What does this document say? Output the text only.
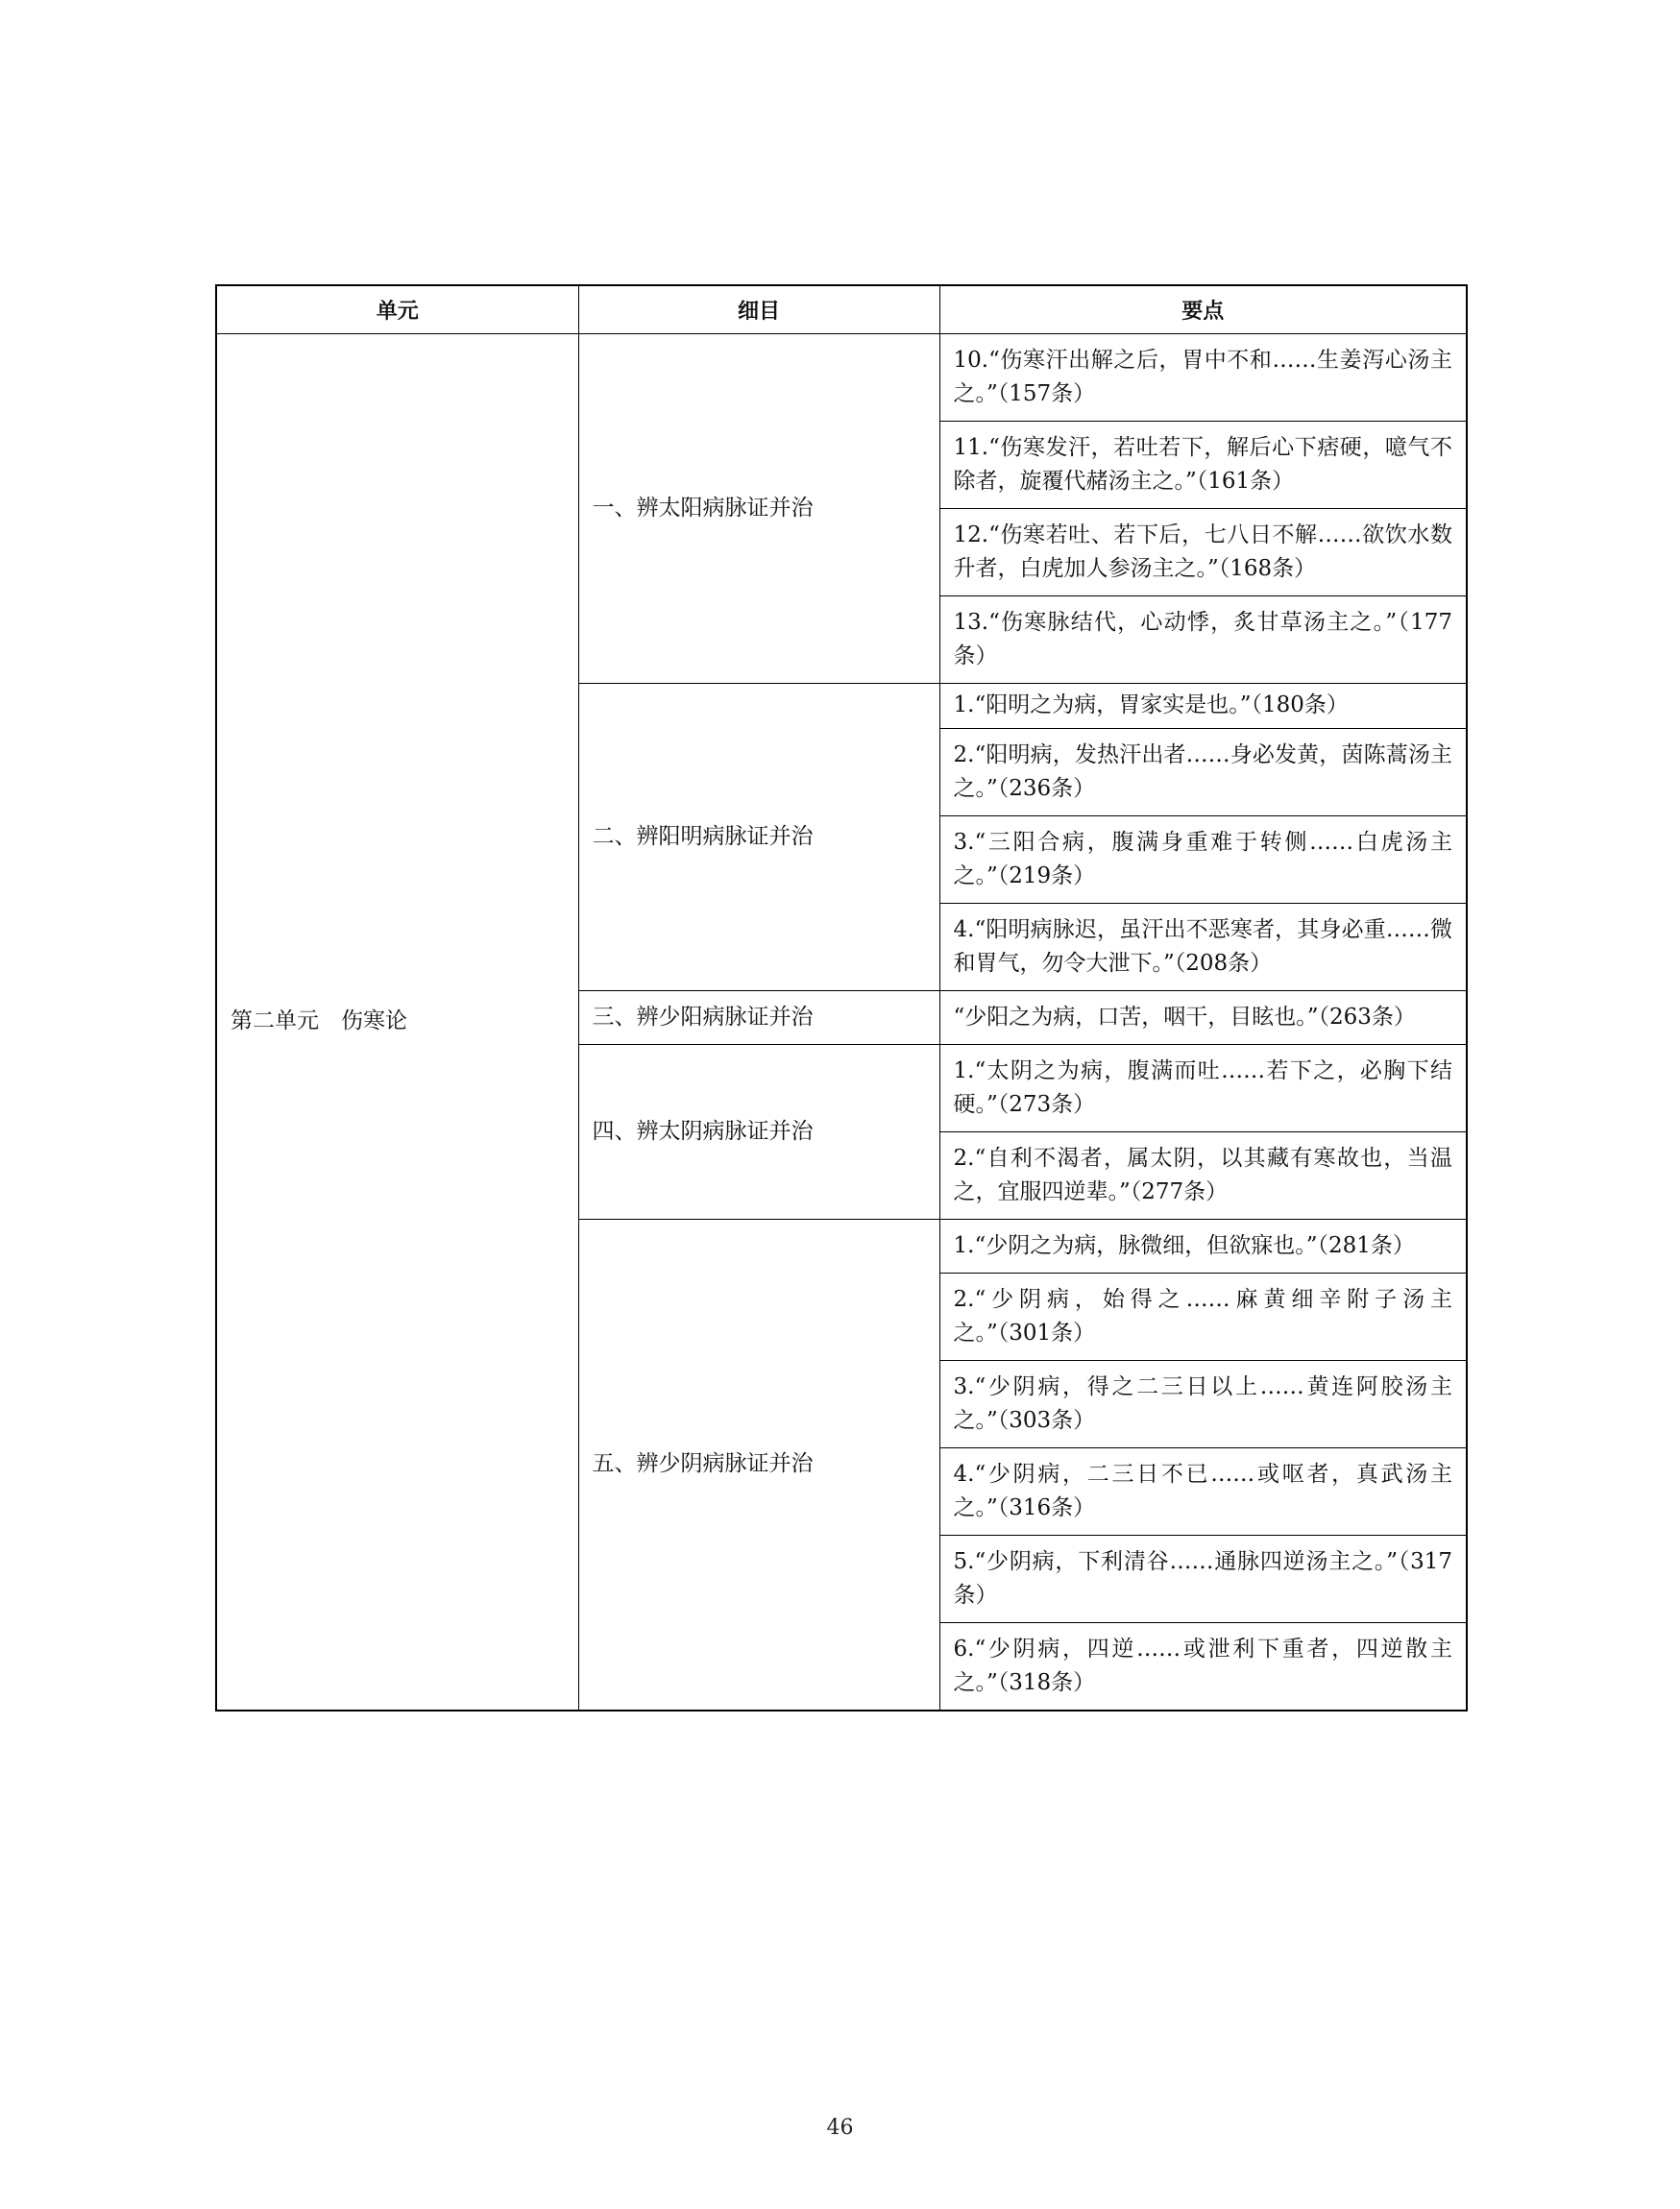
单元	细目	要点
第二单元　伤寒论	一、辨太阳病脉证并治	10.“伤寒汗出解之后，胃中不和……生姜泻心汤主之。”（157条）
		11.“伤寒发汗，若吐若下，解后心下痞硬，噫气不除者，旋覆代赭汤主之。”（161条）
		12.“伤寒若吐、若下后，七八日不解……欲饮水数升者，白虎加人参汤主之。”（168条）
		13.“伤寒脉结代，心动悸，炙甘草汤主之。”（177条）
	二、辨阳明病脉证并治	1.“阳明之为病，胃家实是也。”（180条）
		2.“阳明病，发热汗出者……身必发黄，茵陈蒿汤主之。”（236条）
		3.“三阳合病，腹满身重难于转侧……白虎汤主之。”（219条）
		4.“阳明病脉迟，虽汗出不恶寒者，其身必重……微和胃气，勿令大泄下。”（208条）
	三、辨少阳病脉证并治	“少阳之为病，口苦，咽干，目眩也。”（263条）
	四、辨太阴病脉证并治	1.“太阴之为病，腹满而吐……若下之，必胸下结硬。”（273条）
		2.“自利不渴者，属太阴，以其藏有寒故也，当温之，宜服四逆辈。”（277条）
	五、辨少阴病脉证并治	1.“少阴之为病，脉微细，但欲寐也。”（281条）
		2.“少阴病，始得之……麻黄细辛附子汤主之。”（301条）
		3.“少阴病，得之二三日以上……黄连阿胶汤主之。”（303条）
		4.“少阴病，二三日不已……或呕者，真武汤主之。”（316条）
		5.“少阴病，下利清谷……通脉四逆汤主之。”（317条）
		6.“少阴病，四逆……或泄利下重者，四逆散主之。”（318条）
46
